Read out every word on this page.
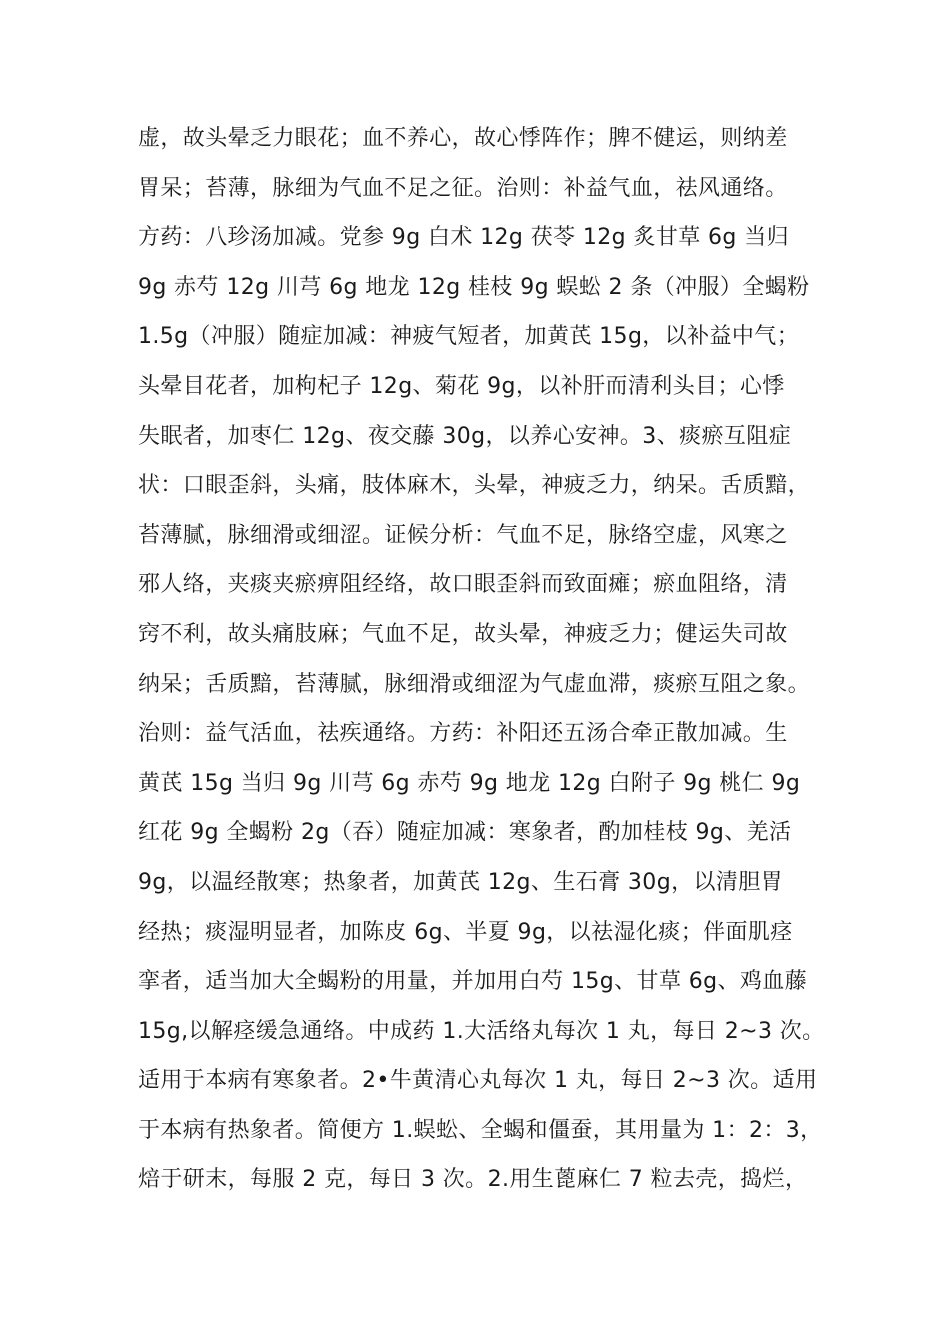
虚，故头晕乏力眼花；血不养心，故心悸阵作；脾不健运，则纳差
胃呆；苔薄，脉细为气血不足之征。治则：补益气血，祛风通络。
方药：八珍汤加减。党参 9g 白术 12g 茯苓 12g 炙甘草 6g 当归
9g 赤芍 12g 川芎 6g 地龙 12g 桂枝 9g 蜈蚣 2 条（冲服）全蝎粉
1.5g（冲服）随症加减：神疲气短者，加黄芪 15g，以补益中气；
头晕目花者，加枸杞子 12g、菊花 9g，以补肝而清利头目；心悸
失眠者，加枣仁 12g、夜交藤 30g，以养心安神。3、痰瘀互阻症
状：口眼歪斜，头痛，肢体麻木，头晕，神疲乏力，纳呆。舌质黯，
苔薄腻，脉细滑或细涩。证候分析：气血不足，脉络空虚，风寒之
邪人络，夹痰夹瘀痹阻经络，故口眼歪斜而致面瘫；瘀血阻络，清
窍不利，故头痛肢麻；气血不足，故头晕，神疲乏力；健运失司故
纳呆；舌质黯，苔薄腻，脉细滑或细涩为气虚血滞，痰瘀互阻之象。
治则：益气活血，祛疾通络。方药：补阳还五汤合牵正散加减。生
黄芪 15g 当归 9g 川芎 6g 赤芍 9g 地龙 12g 白附子 9g 桃仁 9g
红花 9g 全蝎粉 2g（吞）随症加减：寒象者，酌加桂枝 9g、羌活
9g，以温经散寒；热象者，加黄芪 12g、生石膏 30g，以清胆胃
经热；痰湿明显者，加陈皮 6g、半夏 9g，以祛湿化痰；伴面肌痉
挛者，适当加大全蝎粉的用量，并加用白芍 15g、甘草 6g、鸡血藤
15g,以解痉缓急通络。中成药 1.大活络丸每次 1 丸，每日 2~3 次。
适用于本病有寒象者。2•牛黄清心丸每次 1 丸，每日 2~3 次。适用
于本病有热象者。简便方 1.蜈蚣、全蝎和僵蚕，其用量为 1：2：3，
焙于研末，每服 2 克，每日 3 次。2.用生蓖麻仁 7 粒去壳，捣烂，
